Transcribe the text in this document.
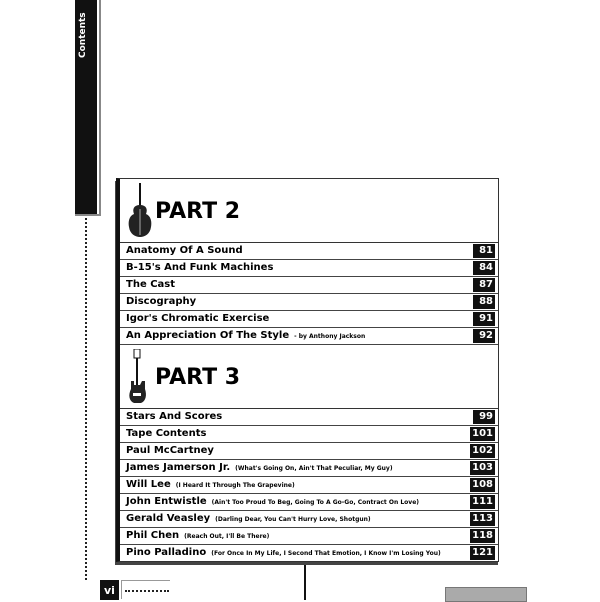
Contents
vi
PART 2
Anatomy Of A Sound	81
B-15's And Funk Machines	84
The Cast	87
Discography	88
Igor's Chromatic Exercise	91
An Appreciation Of The Style - by Anthony Jackson	92
PART 3
Stars And Scores	99
Tape Contents	101
Paul McCartney	102
James Jamerson Jr. (What's Going On, Ain't That Peculiar, My Guy)	103
Will Lee (I Heard It Through The Grapevine)	108
John Entwistle (Ain't Too Proud To Beg, Going To A Go-Go, Contract On Love)	111
Gerald Veasley (Darling Dear, You Can't Hurry Love, Shotgun)	113
Phil Chen (Reach Out, I'll Be There)	118
Pino Palladino (For Once In My Life, I Second That Emotion, I Know I'm Losing You)	121
